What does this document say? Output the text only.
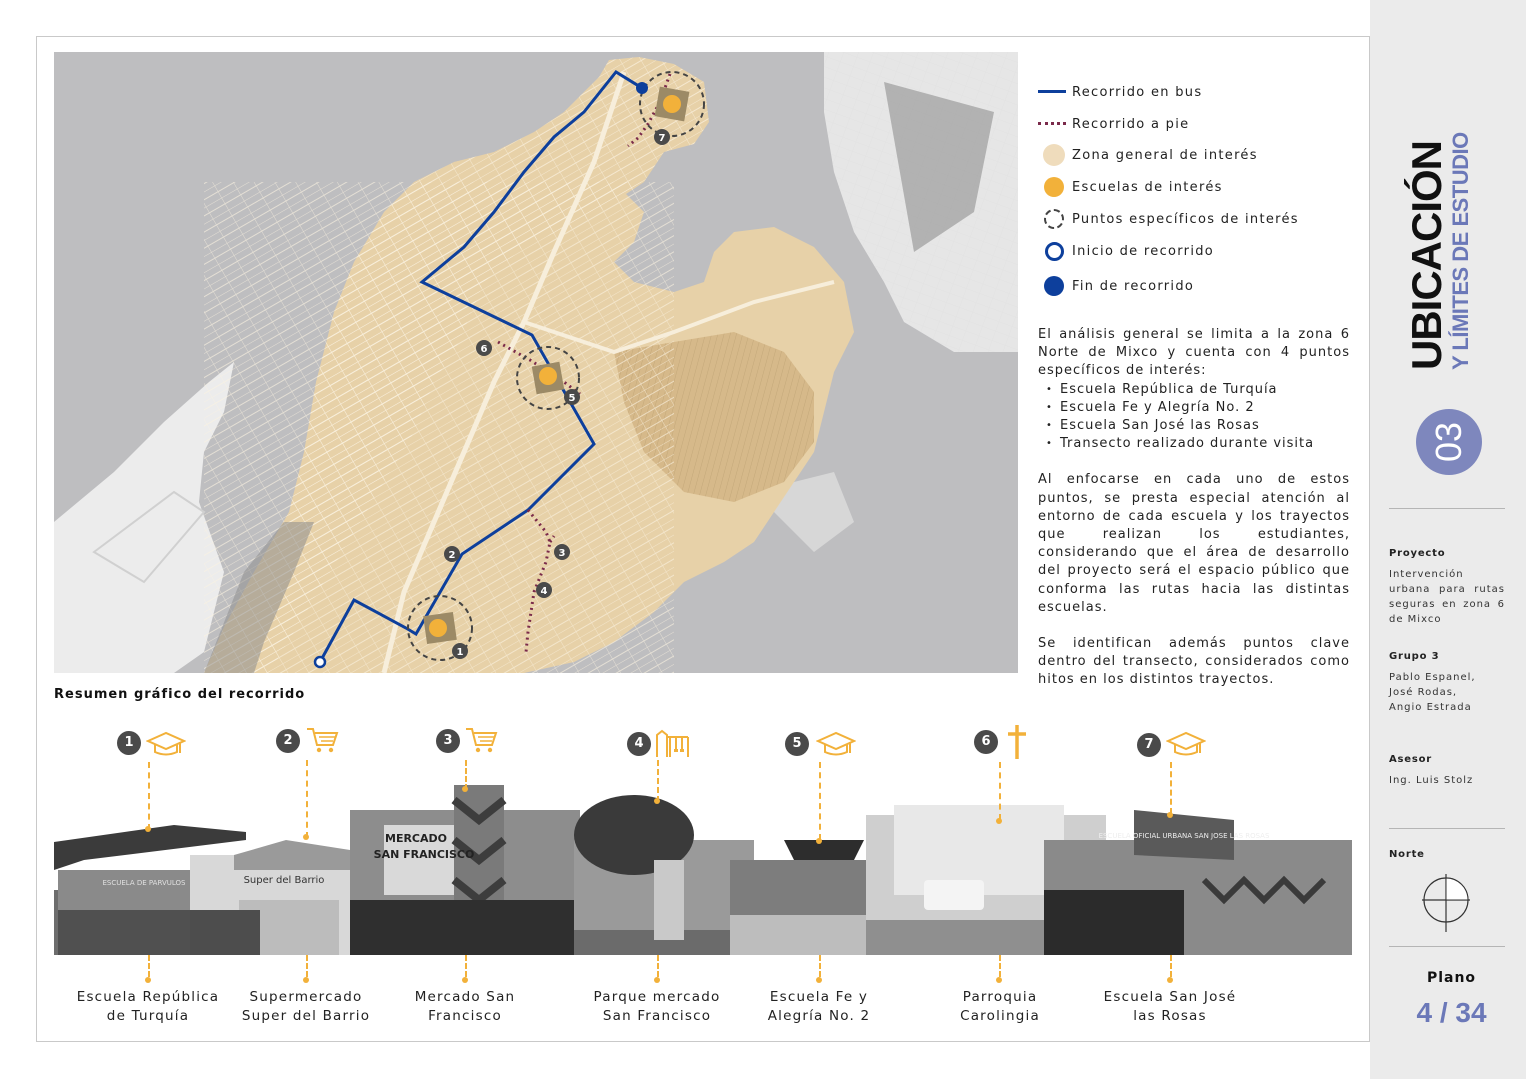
1
2	3
4
5
6
7
Recorrido en bus
Recorrido a pie
Zona general de interés
Escuelas de interés
Puntos específicos de interés
Inicio de recorrido
Fin de recorrido

El análisis general se limita a la zona 6 Norte de Mixco y cuenta con 4 puntos específicos de interés:

• Escuela República de Turquía
• Escuela Fe y Alegría No. 2
• Escuela San José las Rosas
• Transecto realizado durante visita

Al enfocarse en cada uno de estos puntos, se presta especial atención al entorno de cada escuela y los trayectos que realizan los estudiantes, considerando que el área de desarrollo del proyecto será el espacio público que conforma las rutas hacia las distintas escuelas.

Se identifican además puntos clave dentro del transecto, considerados como hitos en los distintos trayectos.

Resumen gráfico del recorrido
ESCUELA DE PARVULOS	Super del Barrio
MERCADO
SAN FRANCISCO
ESCUELA OFICIAL URBANA SAN JOSE LAS ROSAS
1
Escuela República
de Turquía
2
Supermercado
Super del Barrio
3
Mercado San
Francisco
4
Parque mercado
San Francisco
5
Escuela Fe y
Alegría No. 2
6
Parroquia
Carolingia
7
Escuela San José
las Rosas
UBICACIÓN
Y LÍMITES DE ESTUDIO
03
Proyecto
Intervención urbana para rutas seguras en zona 6 de Mixco
Grupo 3
Pablo Espanel,
José Rodas,
Angio Estrada
Asesor
Ing. Luis Stolz
Norte
Plano
4 / 34
